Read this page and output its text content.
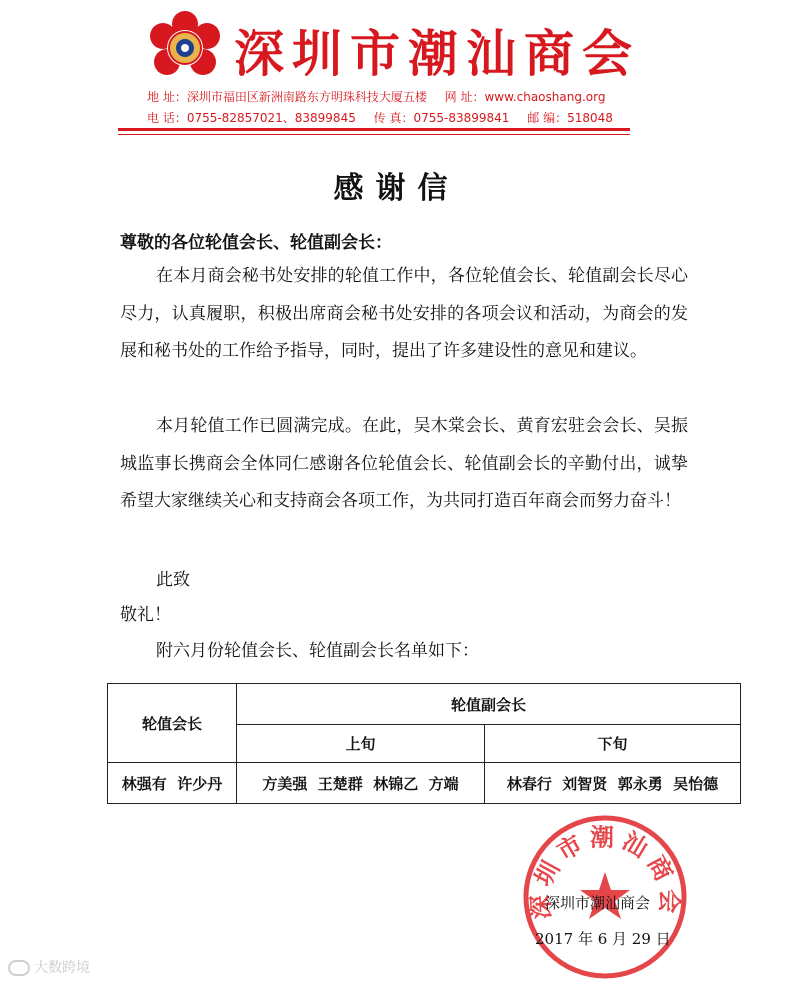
深圳市潮汕商会
地 址：深圳市福田区新洲南路东方明珠科技大厦五楼 网 址：www.chaoshang.org
电 话：0755-82857021、83899845 传 真：0755-83899841 邮 编：518048
感谢信
尊敬的各位轮值会长、轮值副会长：
在本月商会秘书处安排的轮值工作中，各位轮值会长、轮值副会长尽心尽力，认真履职，积极出席商会秘书处安排的各项会议和活动，为商会的发展和秘书处的工作给予指导，同时，提出了许多建设性的意见和建议。
本月轮值工作已圆满完成。在此，吴木棠会长、黄育宏驻会会长、吴振城监事长携商会全体同仁感谢各位轮值会长、轮值副会长的辛勤付出，诚挚希望大家继续关心和支持商会各项工作，为共同打造百年商会而努力奋斗！
此致
敬礼！
附六月份轮值会长、轮值副会长名单如下：
轮值会长	轮值副会长	
	上旬	下旬
林强有  许少丹	方美强  王楚群  林锦乙  方端	林春行  刘智贤  郭永勇  吴怡德
深圳市潮汕商会
深圳市潮汕商会
2017 年 6 月 29 日
大数跨境
